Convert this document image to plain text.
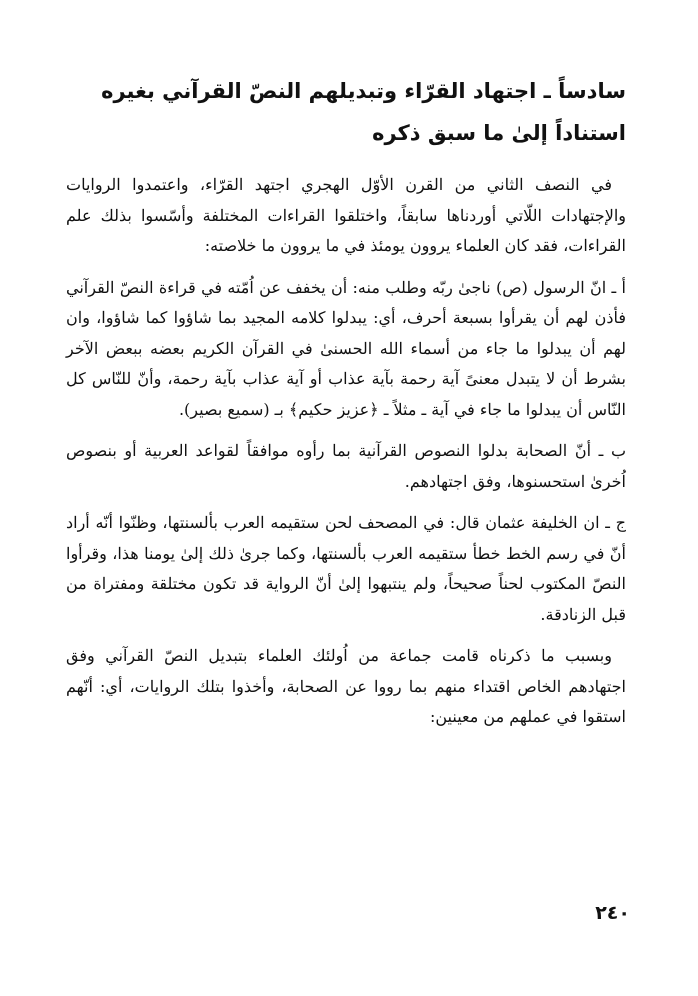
سادساً ـ اجتهاد القرّاء وتبديلهم النصّ القرآني بغيره استناداً إلىٰ ما سبق ذكره

في النصف الثاني من القرن الأوّل الهجري اجتهد القرّاء، واعتمدوا الروايات والإجتهادات اللّاتي أوردناها سابقاً، واختلقوا القراءات المختلفة وأسّسوا بذلك علم القراءات، فقد كان العلماء يروون يومئذ في ما يروون ما خلاصته:

أ ـ انّ الرسول (ص) ناجىٰ ربّه وطلب منه: أن يخفف عن اُمّته في قراءة النصّ القرآني فأذن لهم أن يقرأوا بسبعة أحرف، أي: يبدلوا كلامه المجيد بما شاؤوا كما شاؤوا، وان لهم أن يبدلوا ما جاء من أسماء الله الحسنىٰ في القرآن الكريم بعضه ببعض الآخر بشرط أن لا يتبدل معنىً آية رحمة بآية عذاب أو آية عذاب بآية رحمة، وأنّ للنّاس كل النّاس أن يبدلوا ما جاء في آية ـ مثلاً ـ ﴿عزيز حكيم﴾ بـ (سميع بصير).

ب ـ أنّ الصحابة بدلوا النصوص القرآنية بما رأوه موافقاً لقواعد العربية أو بنصوص اُخرىٰ استحسنوها، وفق اجتهادهم.

ج ـ ان الخليفة عثمان قال: في المصحف لحن ستقيمه العرب بألسنتها، وظنّوا أنّه أراد أنّ في رسم الخط خطأ ستقيمه العرب بألسنتها، وكما جرىٰ ذلك إلىٰ يومنا هذا، وقرأوا النصّ المكتوب لحناً صحيحاً، ولم ينتبهوا إلىٰ أنّ الرواية قد تكون مختلقة ومفتراة من قبل الزنادقة.

وبسبب ما ذكرناه قامت جماعة من اُولئك العلماء بتبديل النصّ القرآني وفق اجتهادهم الخاص اقتداء منهم بما رووا عن الصحابة، وأخذوا بتلك الروايات، أي: أنّهم استقوا في عملهم من معينين:

٢٤٠
